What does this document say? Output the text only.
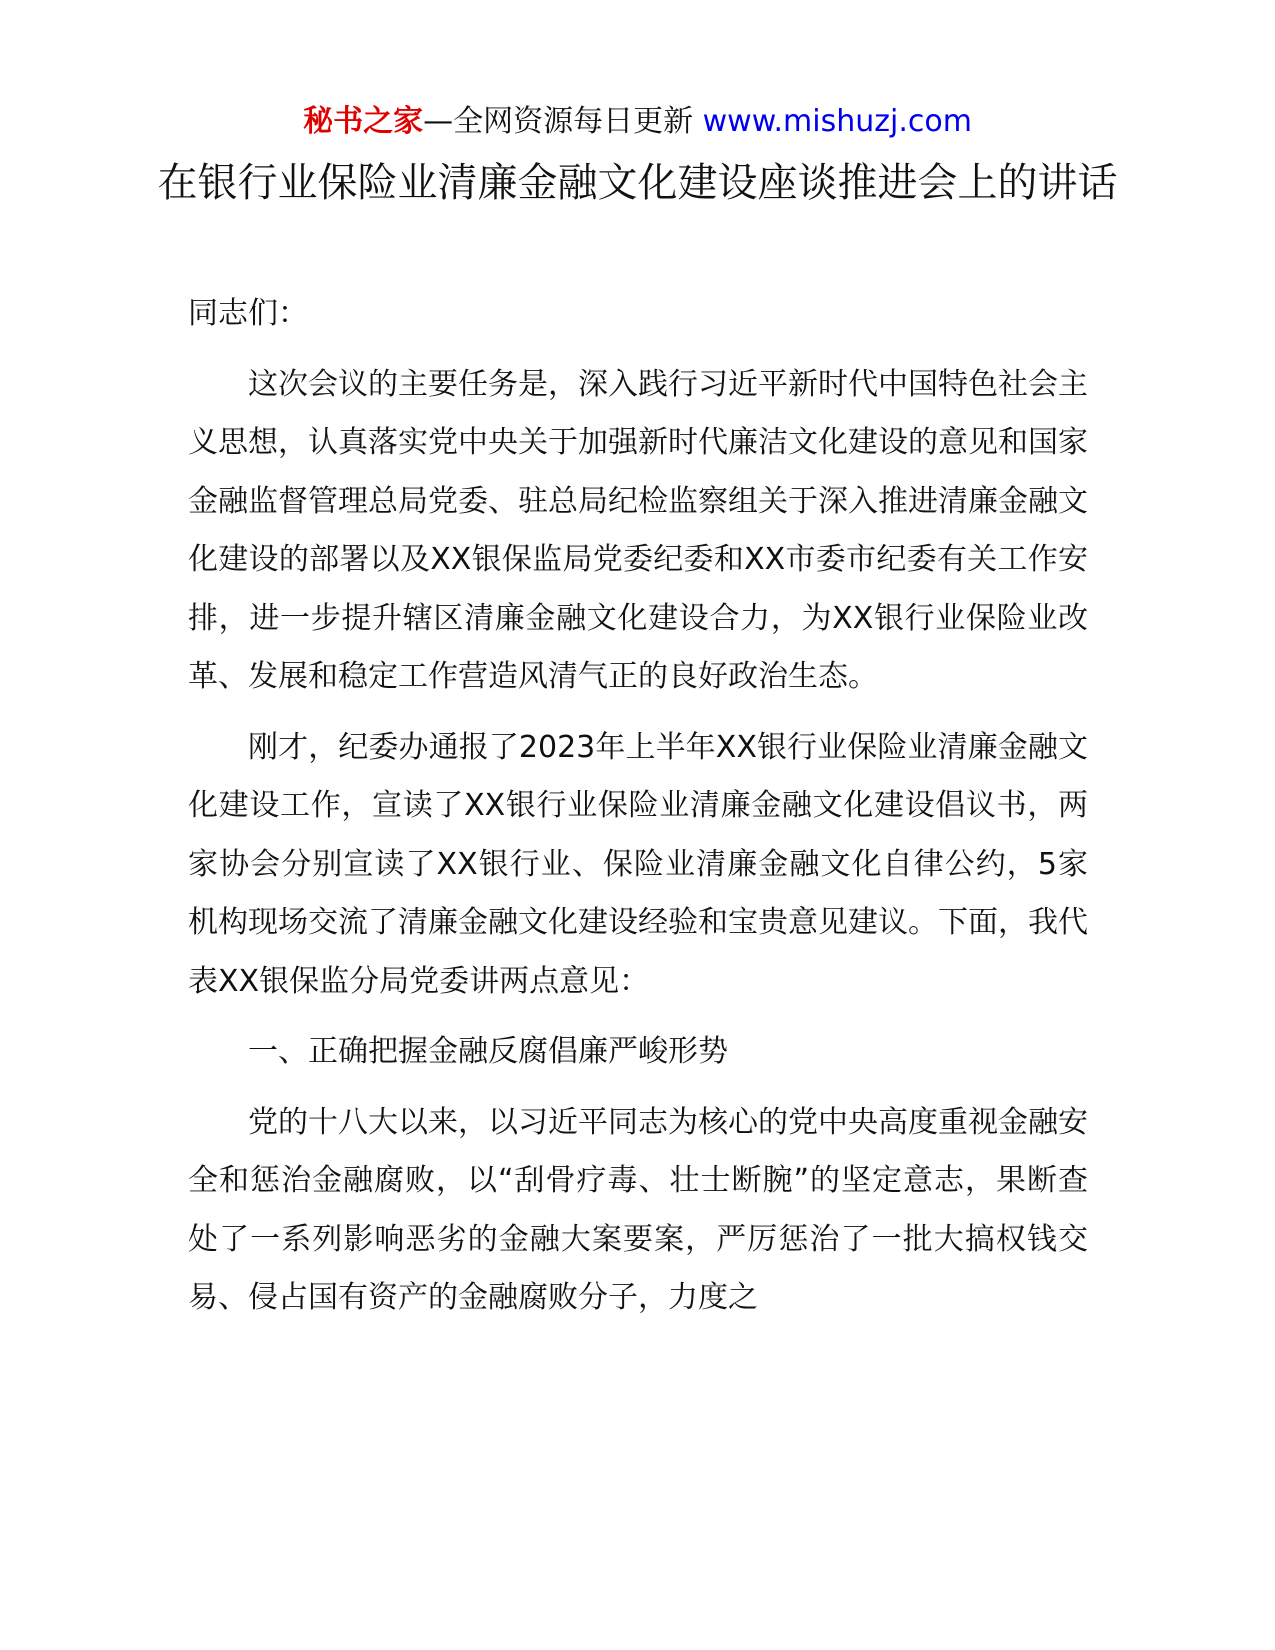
秘书之家—全网资源每日更新 www.mishuzj.com
在银行业保险业清廉金融文化建设座谈推进会上的讲话

同志们：

这次会议的主要任务是，深入践行习近平新时代中国特色社会主义思想，认真落实党中央关于加强新时代廉洁文化建设的意见和国家金融监督管理总局党委、驻总局纪检监察组关于深入推进清廉金融文化建设的部署以及XX银保监局党委纪委和XX市委市纪委有关工作安排，进一步提升辖区清廉金融文化建设合力，为XX银行业保险业改革、发展和稳定工作营造风清气正的良好政治生态。

刚才，纪委办通报了2023年上半年XX银行业保险业清廉金融文化建设工作，宣读了XX银行业保险业清廉金融文化建设倡议书，两家协会分别宣读了XX银行业、保险业清廉金融文化自律公约，5家机构现场交流了清廉金融文化建设经验和宝贵意见建议。下面，我代表XX银保监分局党委讲两点意见：

一、正确把握金融反腐倡廉严峻形势

党的十八大以来，以习近平同志为核心的党中央高度重视金融安全和惩治金融腐败，以“刮骨疗毒、壮士断腕”的坚定意志，果断查处了一系列影响恶劣的金融大案要案，严厉惩治了一批大搞权钱交易、侵占国有资产的金融腐败分子，力度之
